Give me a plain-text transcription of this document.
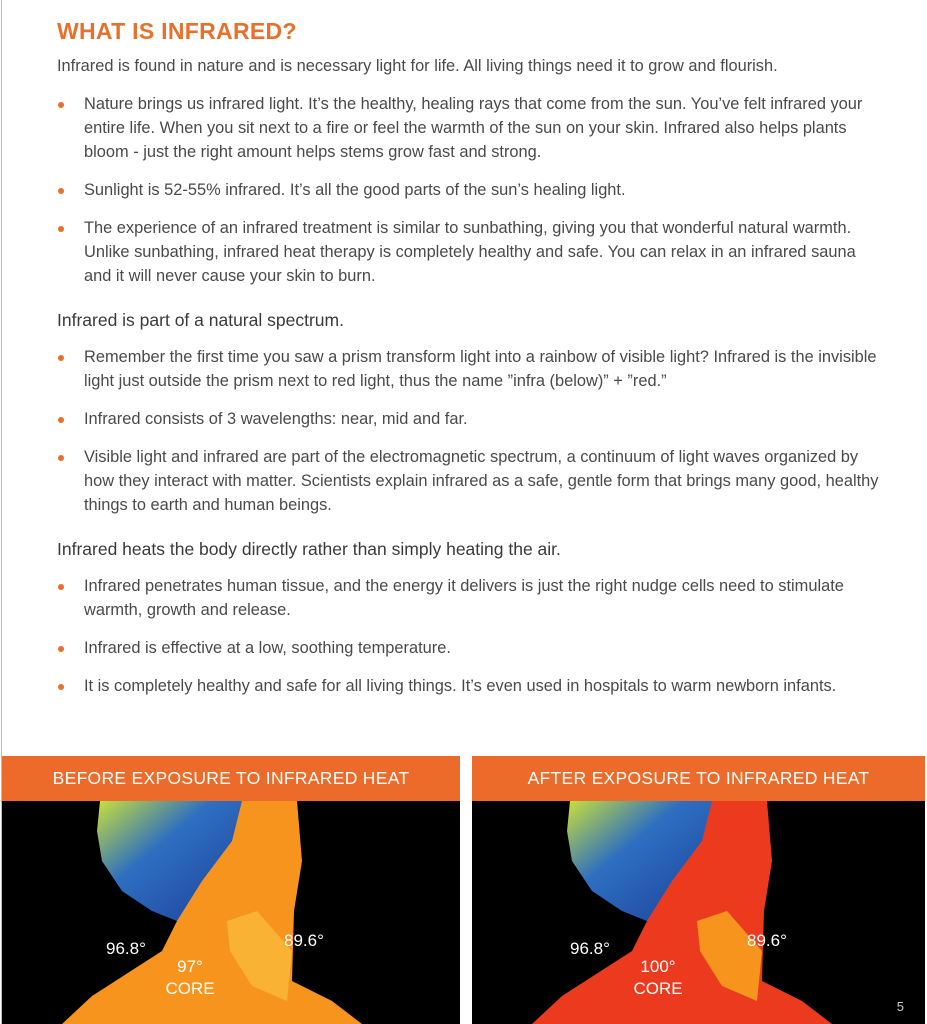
WHAT IS INFRARED?

Infrared is found in nature and is necessary light for life. All living things need it to grow and flourish.

Nature brings us infrared light. It’s the healthy, healing rays that come from the sun. You’ve felt infrared your entire life. When you sit next to a fire or feel the warmth of the sun on your skin. Infrared also helps plants bloom - just the right amount helps stems grow fast and strong.
Sunlight is 52-55% infrared. It’s all the good parts of the sun’s healing light.
The experience of an infrared treatment is similar to sunbathing, giving you that wonderful natural warmth. Unlike sunbathing, infrared heat therapy is completely healthy and safe. You can relax in an infrared sauna and it will never cause your skin to burn.
Infrared is part of a natural spectrum.
Remember the first time you saw a prism transform light into a rainbow of visible light? Infrared is the invisible light just outside the prism next to red light, thus the name ”infra (below)” + ”red.”
Infrared consists of 3 wavelengths: near, mid and far.
Visible light and infrared are part of the electromagnetic spectrum, a continuum of light waves organized by how they interact with matter. Scientists explain infrared as a safe, gentle form that brings many good, healthy things to earth and human beings.
Infrared heats the body directly rather than simply heating the air.
Infrared penetrates human tissue, and the energy it delivers is just the right nudge cells need to stimulate warmth, growth and release.
Infrared is effective at a low, soothing temperature.
It is completely healthy and safe for all living things. It’s even used in hospitals to warm newborn infants.
BEFORE EXPOSURE TO INFRARED HEAT
96.8°	89.6°
97°
CORE
AFTER EXPOSURE TO INFRARED HEAT
96.8°	89.6°
100°
CORE
5
